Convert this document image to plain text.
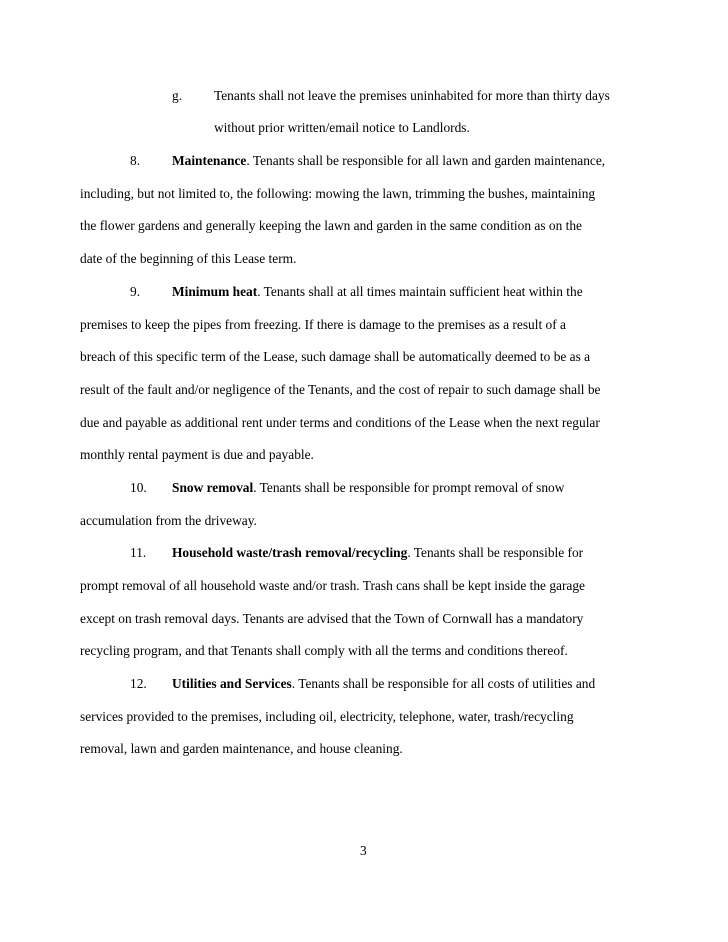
g. Tenants shall not leave the premises uninhabited for more than thirty days
without prior written/email notice to Landlords.
8. Maintenance. Tenants shall be responsible for all lawn and garden maintenance,
including, but not limited to, the following: mowing the lawn, trimming the bushes, maintaining
the flower gardens and generally keeping the lawn and garden in the same condition as on the
date of the beginning of this Lease term.
9. Minimum heat. Tenants shall at all times maintain sufficient heat within the
premises to keep the pipes from freezing. If there is damage to the premises as a result of a
breach of this specific term of the Lease, such damage shall be automatically deemed to be as a
result of the fault and/or negligence of the Tenants, and the cost of repair to such damage shall be
due and payable as additional rent under terms and conditions of the Lease when the next regular
monthly rental payment is due and payable.
10. Snow removal. Tenants shall be responsible for prompt removal of snow
accumulation from the driveway.
11. Household waste/trash removal/recycling. Tenants shall be responsible for
prompt removal of all household waste and/or trash. Trash cans shall be kept inside the garage
except on trash removal days. Tenants are advised that the Town of Cornwall has a mandatory
recycling program, and that Tenants shall comply with all the terms and conditions thereof.
12. Utilities and Services. Tenants shall be responsible for all costs of utilities and
services provided to the premises, including oil, electricity, telephone, water, trash/recycling
removal, lawn and garden maintenance, and house cleaning.
3
